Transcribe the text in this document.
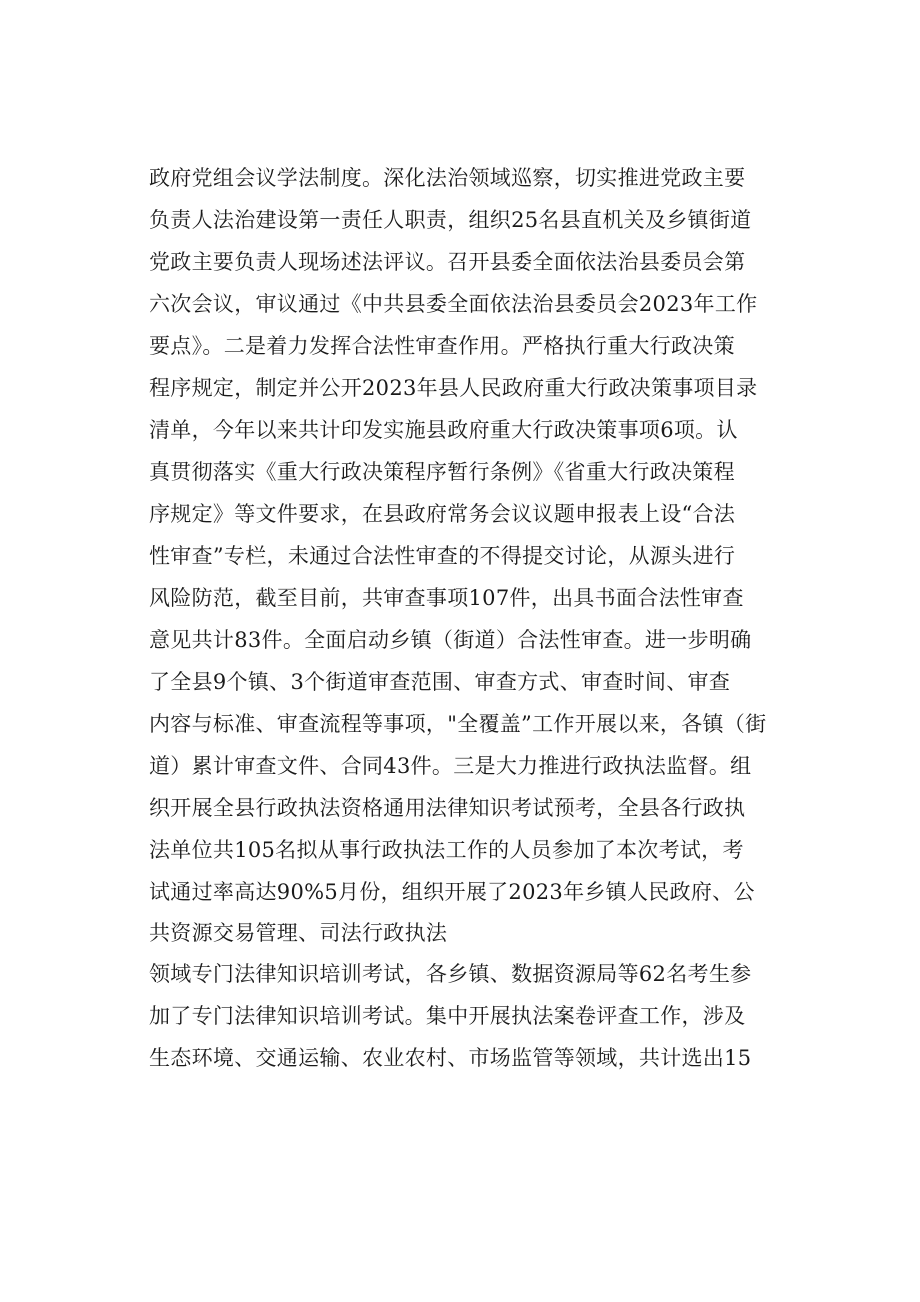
政府党组会议学法制度。深化法治领域巡察，切实推进党政主要
负责人法治建设第一责任人职责，组织25名县直机关及乡镇街道
党政主要负责人现场述法评议。召开县委全面依法治县委员会第
六次会议，审议通过《中共县委全面依法治县委员会2023年工作
要点》。二是着力发挥合法性审查作用。严格执行重大行政决策
程序规定，制定并公开2023年县人民政府重大行政决策事项目录
清单，今年以来共计印发实施县政府重大行政决策事项6项。认
真贯彻落实《重大行政决策程序暂行条例》《省重大行政决策程
序规定》等文件要求，在县政府常务会议议题申报表上设“合法
性审查”专栏，未通过合法性审查的不得提交讨论，从源头进行
风险防范，截至目前，共审查事项107件，出具书面合法性审查
意见共计83件。全面启动乡镇（街道）合法性审查。进一步明确
了全县9个镇、3个街道审查范围、审查方式、审查时间、审查
内容与标准、审查流程等事项，"全覆盖”工作开展以来，各镇（街
道）累计审查文件、合同43件。三是大力推进行政执法监督。组
织开展全县行政执法资格通用法律知识考试预考，全县各行政执
法单位共105名拟从事行政执法工作的人员参加了本次考试，考
试通过率高达90%5月份，组织开展了2023年乡镇人民政府、公
共资源交易管理、司法行政执法
领域专门法律知识培训考试，各乡镇、数据资源局等62名考生参
加了专门法律知识培训考试。集中开展执法案卷评查工作，涉及
生态环境、交通运输、农业农村、市场监管等领域，共计选出15
